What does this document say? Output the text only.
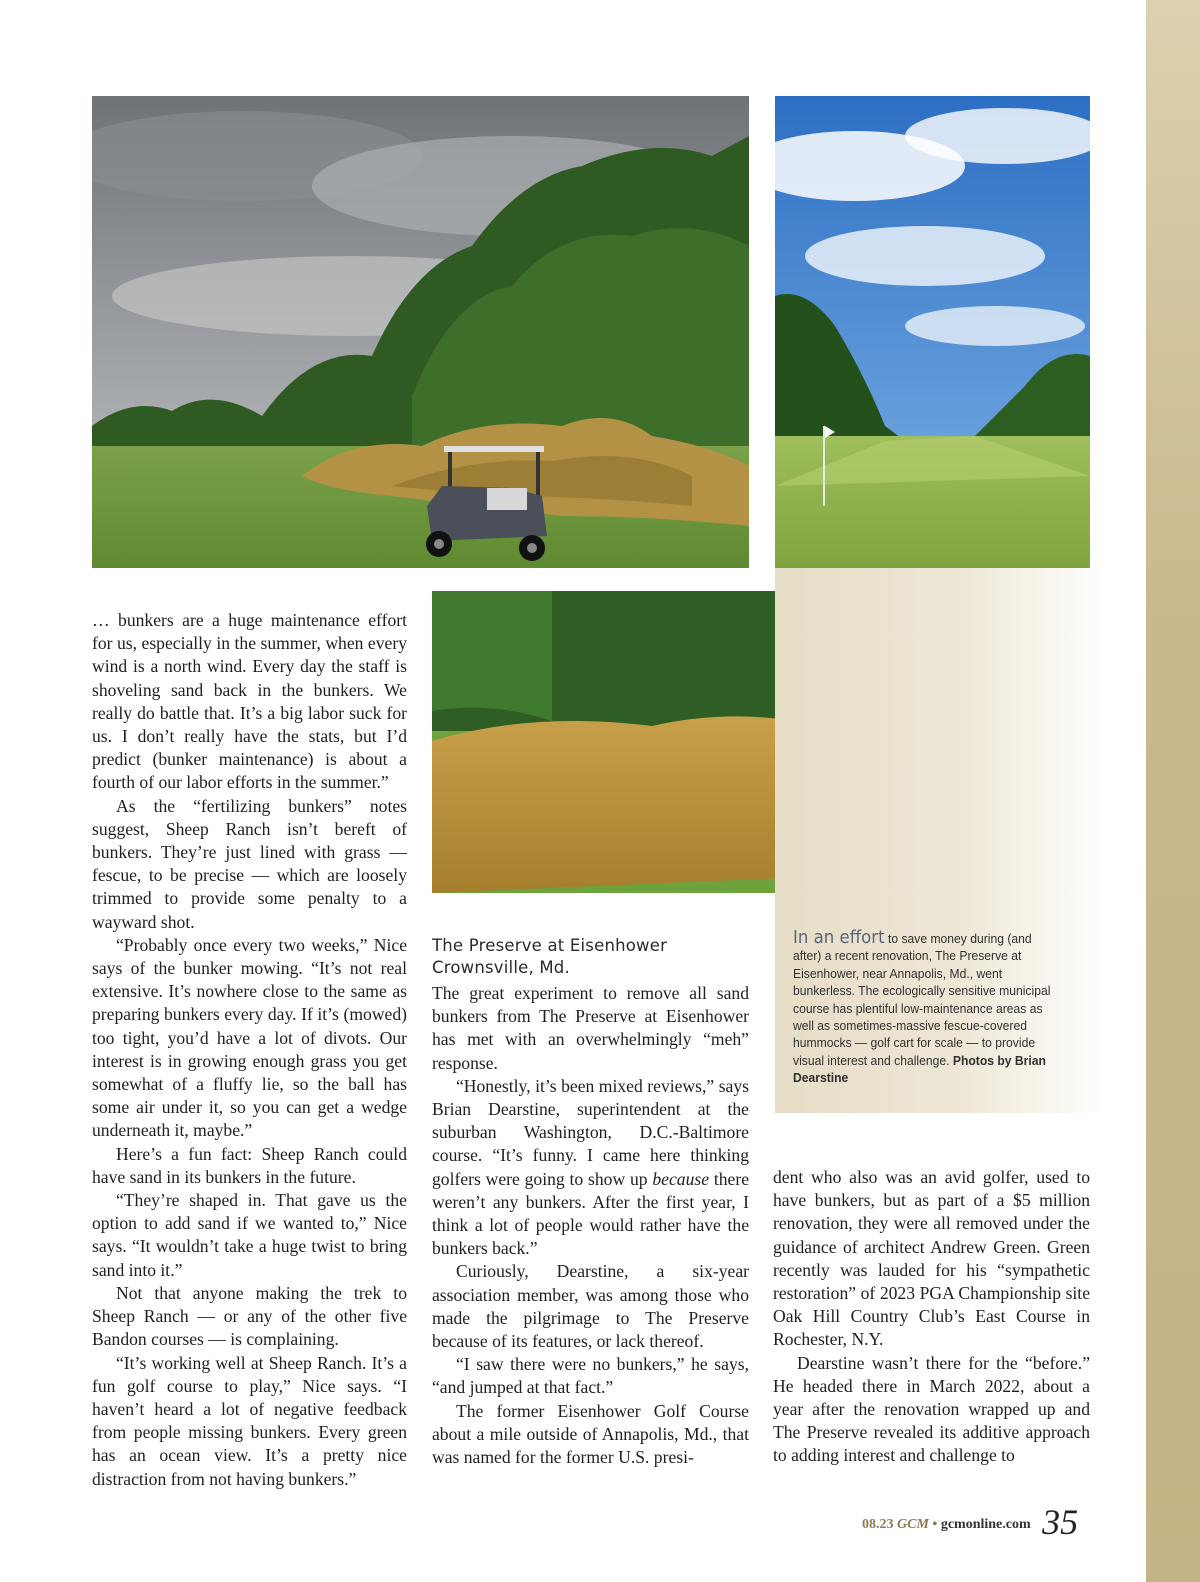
… bunkers are a huge maintenance effort for us, especially in the summer, when every wind is a north wind. Every day the staff is shoveling sand back in the bunkers. We really do battle that. It’s a big labor suck for us. I don’t really have the stats, but I’d predict (bunker maintenance) is about a fourth of our labor efforts in the summer.”

As the “fertilizing bunkers” notes suggest, Sheep Ranch isn’t bereft of bunkers. They’re just lined with grass — fescue, to be precise — which are loosely trimmed to provide some penalty to a wayward shot.

“Probably once every two weeks,” Nice says of the bunker mowing. “It’s not real extensive. It’s nowhere close to the same as preparing bunkers every day. If it’s (mowed) too tight, you’d have a lot of divots. Our interest is in growing enough grass you get somewhat of a fluffy lie, so the ball has some air under it, so you can get a wedge underneath it, maybe.”

Here’s a fun fact: Sheep Ranch could have sand in its bunkers in the future.

“They’re shaped in. That gave us the option to add sand if we wanted to,” Nice says. “It wouldn’t take a huge twist to bring sand into it.”

Not that anyone making the trek to Sheep Ranch — or any of the other five Bandon courses — is complaining.

“It’s working well at Sheep Ranch. It’s a fun golf course to play,” Nice says. “I haven’t heard a lot of negative feedback from people missing bunkers. Every green has an ocean view. It’s a pretty nice distraction from not having bunkers.”

The Preserve at Eisenhower
Crownsville, Md.

The great experiment to remove all sand bunkers from The Preserve at Eisenhower has met with an overwhelmingly “meh” response.

“Honestly, it’s been mixed reviews,” says Brian Dearstine, superintendent at the suburban Washington, D.C.-Baltimore course. “It’s funny. I came here thinking golfers were going to show up because there weren’t any bunkers. After the first year, I think a lot of people would rather have the bunkers back.”

Curiously, Dearstine, a six-year association member, was among those who made the pilgrimage to The Preserve because of its features, or lack thereof.

“I saw there were no bunkers,” he says, “and jumped at that fact.”

The former Eisenhower Golf Course about a mile outside of Annapolis, Md., that was named for the former U.S. presi-

In an effort to save money during (and after) a recent renovation, The Preserve at Eisenhower, near Annapolis, Md., went bunkerless. The ecologically sensitive municipal course has plentiful low-maintenance areas as well as sometimes-massive fescue-covered hummocks — golf cart for scale — to provide visual interest and challenge. Photos by Brian Dearstine

dent who also was an avid golfer, used to have bunkers, but as part of a $5 million renovation, they were all removed under the guidance of architect Andrew Green. Green recently was lauded for his “sympathetic restoration” of 2023 PGA Championship site Oak Hill Country Club’s East Course in Rochester, N.Y.

Dearstine wasn’t there for the “before.” He headed there in March 2022, about a year after the renovation wrapped up and The Preserve revealed its additive approach to adding interest and challenge to

08.23 GCM • gcmonline.com 35
